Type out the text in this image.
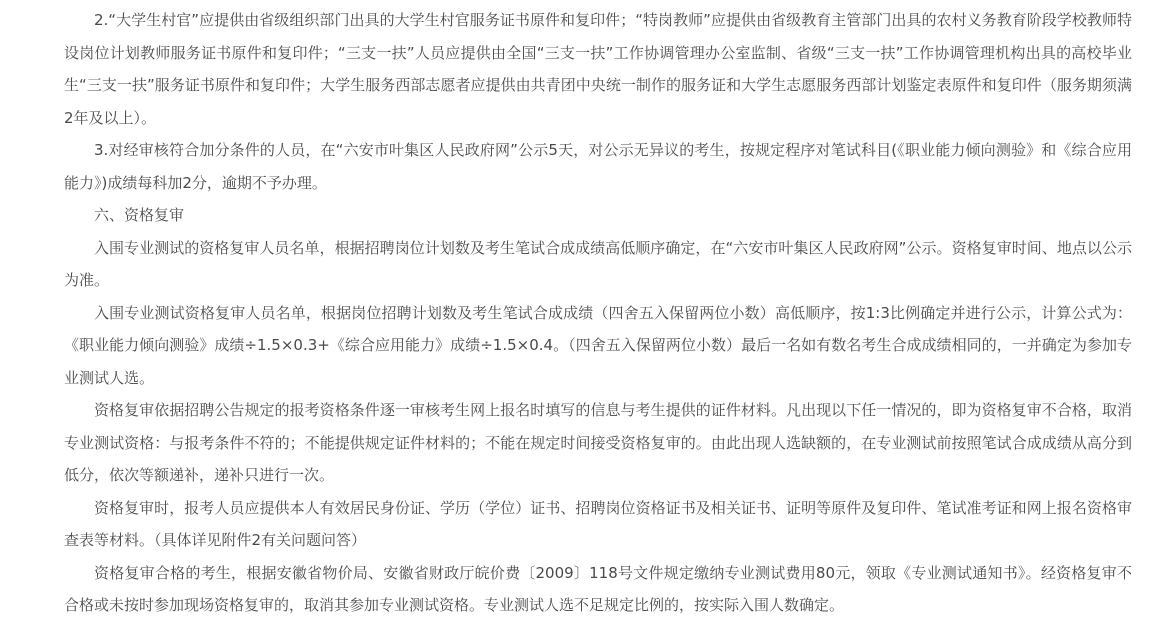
2.“大学生村官”应提供由省级组织部门出具的大学生村官服务证书原件和复印件；“特岗教师”应提供由省级教育主管部门出具的农村义务教育阶段学校教师特设岗位计划教师服务证书原件和复印件；“三支一扶”人员应提供由全国“三支一扶”工作协调管理办公室监制、省级“三支一扶”工作协调管理机构出具的高校毕业生“三支一扶”服务证书原件和复印件；大学生服务西部志愿者应提供由共青团中央统一制作的服务证和大学生志愿服务西部计划鉴定表原件和复印件（服务期须满2年及以上）。

3.对经审核符合加分条件的人员，在“六安市叶集区人民政府网”公示5天，对公示无异议的考生，按规定程序对笔试科目(《职业能力倾向测验》和《综合应用能力》)成绩每科加2分，逾期不予办理。

六、资格复审

入围专业测试的资格复审人员名单，根据招聘岗位计划数及考生笔试合成成绩高低顺序确定，在“六安市叶集区人民政府网”公示。资格复审时间、地点以公示为准。

入围专业测试资格复审人员名单，根据岗位招聘计划数及考生笔试合成成绩（四舍五入保留两位小数）高低顺序，按1:3比例确定并进行公示，计算公式为：《职业能力倾向测验》成绩÷1.5×0.3+《综合应用能力》成绩÷1.5×0.4。（四舍五入保留两位小数）最后一名如有数名考生合成成绩相同的，一并确定为参加专业测试人选。

资格复审依据招聘公告规定的报考资格条件逐一审核考生网上报名时填写的信息与考生提供的证件材料。凡出现以下任一情况的，即为资格复审不合格，取消专业测试资格：与报考条件不符的；不能提供规定证件材料的；不能在规定时间接受资格复审的。由此出现人选缺额的，在专业测试前按照笔试合成成绩从高分到低分，依次等额递补，递补只进行一次。

资格复审时，报考人员应提供本人有效居民身份证、学历（学位）证书、招聘岗位资格证书及相关证书、证明等原件及复印件、笔试准考证和网上报名资格审查表等材料。（具体详见附件2有关问题问答）

资格复审合格的考生，根据安徽省物价局、安徽省财政厅皖价费〔2009〕118号文件规定缴纳专业测试费用80元，领取《专业测试通知书》。经资格复审不合格或未按时参加现场资格复审的，取消其参加专业测试资格。专业测试人选不足规定比例的，按实际入围人数确定。
